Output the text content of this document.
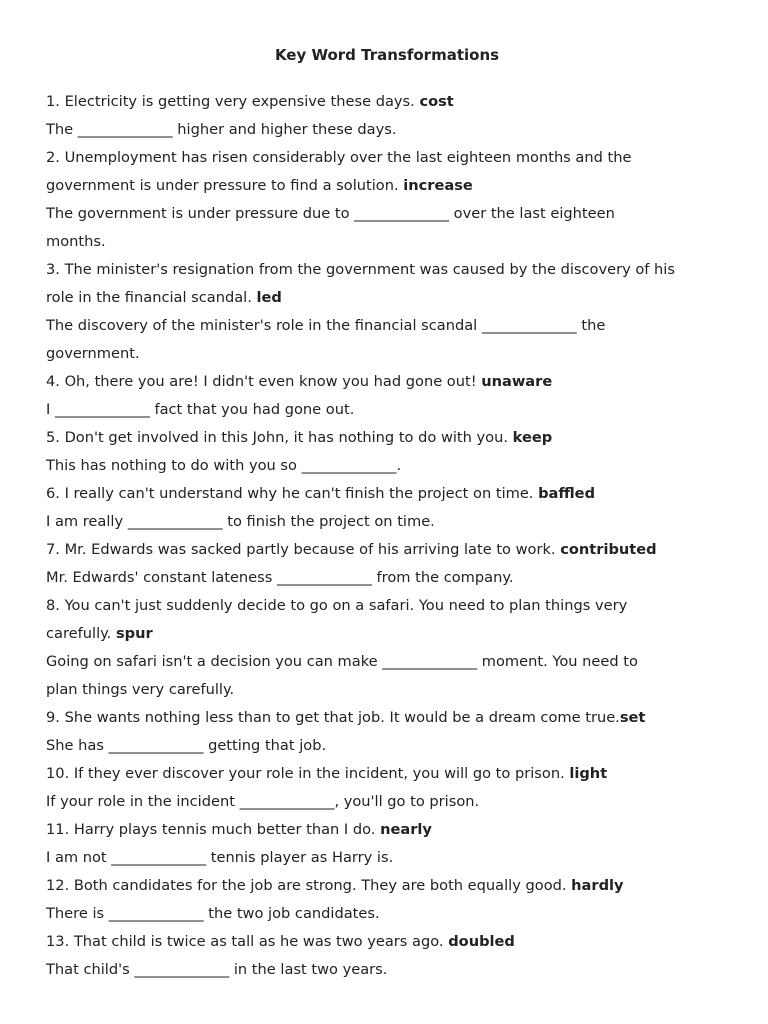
Key Word Transformations
1. Electricity is getting very expensive these days. cost
The _____________ higher and higher these days.
2. Unemployment has risen considerably over the last eighteen months and the
government is under pressure to find a solution. increase
The government is under pressure due to _____________ over the last eighteen
months.
3. The minister's resignation from the government was caused by the discovery of his
role in the financial scandal. led
The discovery of the minister's role in the financial scandal _____________ the
government.
4. Oh, there you are! I didn't even know you had gone out! unaware
I _____________ fact that you had gone out.
5. Don't get involved in this John, it has nothing to do with you. keep
This has nothing to do with you so _____________.
6. I really can't understand why he can't finish the project on time. baffled
I am really _____________ to finish the project on time.
7. Mr. Edwards was sacked partly because of his arriving late to work. contributed
Mr. Edwards' constant lateness _____________ from the company.
8. You can't just suddenly decide to go on a safari. You need to plan things very
carefully. spur
Going on safari isn't a decision you can make _____________ moment. You need to
plan things very carefully.
9. She wants nothing less than to get that job. It would be a dream come true.set
She has _____________ getting that job.
10. If they ever discover your role in the incident, you will go to prison. light
If your role in the incident _____________, you'll go to prison.
11. Harry plays tennis much better than I do. nearly
I am not _____________ tennis player as Harry is.
12. Both candidates for the job are strong. They are both equally good. hardly
There is _____________ the two job candidates.
13. That child is twice as tall as he was two years ago. doubled
That child's _____________ in the last two years.
